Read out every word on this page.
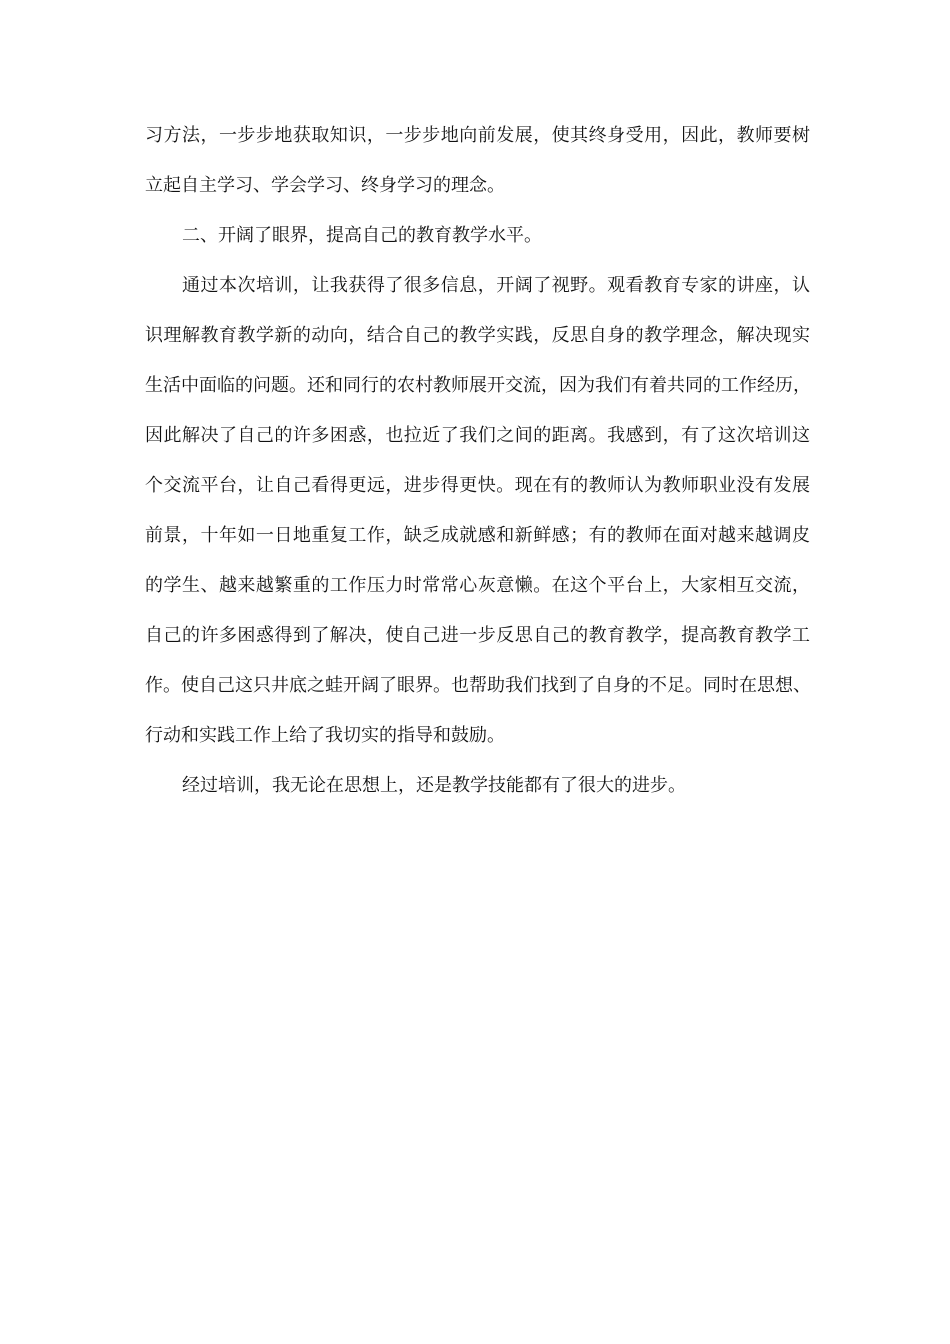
习方法，一步步地获取知识，一步步地向前发展，使其终身受用，因此，教师要树
立起自主学习、学会学习、终身学习的理念。
二、开阔了眼界，提高自己的教育教学水平。
通过本次培训，让我获得了很多信息，开阔了视野。观看教育专家的讲座，认
识理解教育教学新的动向，结合自己的教学实践，反思自身的教学理念，解决现实
生活中面临的问题。还和同行的农村教师展开交流，因为我们有着共同的工作经历，
因此解决了自己的许多困惑，也拉近了我们之间的距离。我感到，有了这次培训这
个交流平台，让自己看得更远，进步得更快。现在有的教师认为教师职业没有发展
前景，十年如一日地重复工作，缺乏成就感和新鲜感；有的教师在面对越来越调皮
的学生、越来越繁重的工作压力时常常心灰意懒。在这个平台上，大家相互交流，
自己的许多困惑得到了解决，使自己进一步反思自己的教育教学，提高教育教学工
作。使自己这只井底之蛙开阔了眼界。也帮助我们找到了自身的不足。同时在思想、
行动和实践工作上给了我切实的指导和鼓励。
经过培训，我无论在思想上，还是教学技能都有了很大的进步。
